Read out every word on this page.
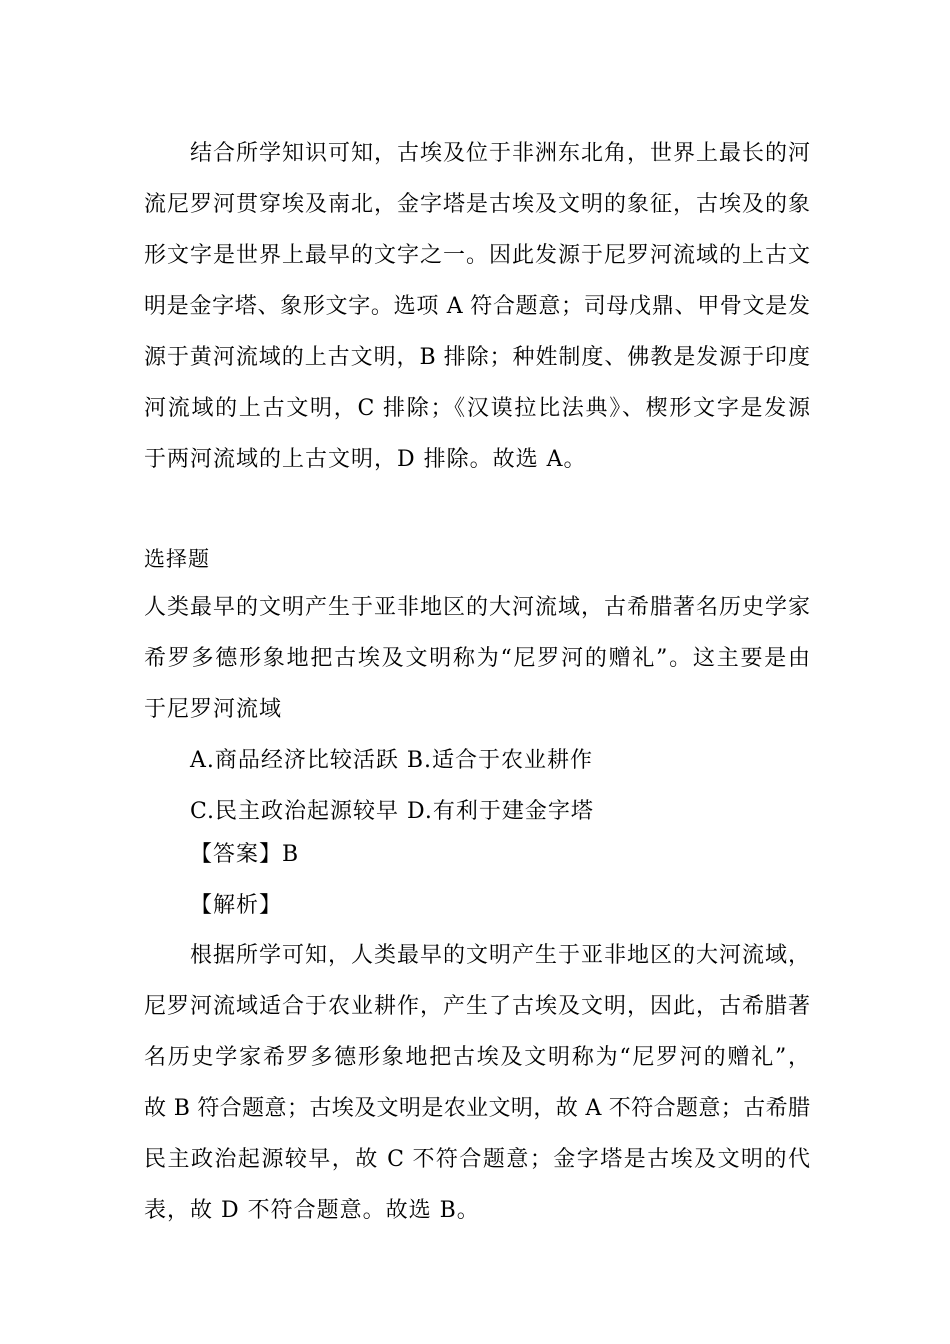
结合所学知识可知，古埃及位于非洲东北角，世界上最长的河
流尼罗河贯穿埃及南北，金字塔是古埃及文明的象征，古埃及的象
形文字是世界上最早的文字之一。因此发源于尼罗河流域的上古文
明是金字塔、象形文字。选项 A 符合题意；司母戊鼎、甲骨文是发
源于黄河流域的上古文明，B 排除；种姓制度、佛教是发源于印度
河流域的上古文明，C 排除；《汉谟拉比法典》、楔形文字是发源
于两河流域的上古文明，D 排除。故选 A。
选择题
人类最早的文明产生于亚非地区的大河流域，古希腊著名历史学家
希罗多德形象地把古埃及文明称为“尼罗河的赠礼”。这主要是由
于尼罗河流域
A.商品经济比较活跃 B.适合于农业耕作
C.民主政治起源较早 D.有利于建金字塔
【答案】B
【解析】
根据所学可知，人类最早的文明产生于亚非地区的大河流域，
尼罗河流域适合于农业耕作，产生了古埃及文明，因此，古希腊著
名历史学家希罗多德形象地把古埃及文明称为“尼罗河的赠礼”，
故 B 符合题意；古埃及文明是农业文明，故 A 不符合题意；古希腊
民主政治起源较早，故 C 不符合题意；金字塔是古埃及文明的代
表，故 D 不符合题意。故选 B。
